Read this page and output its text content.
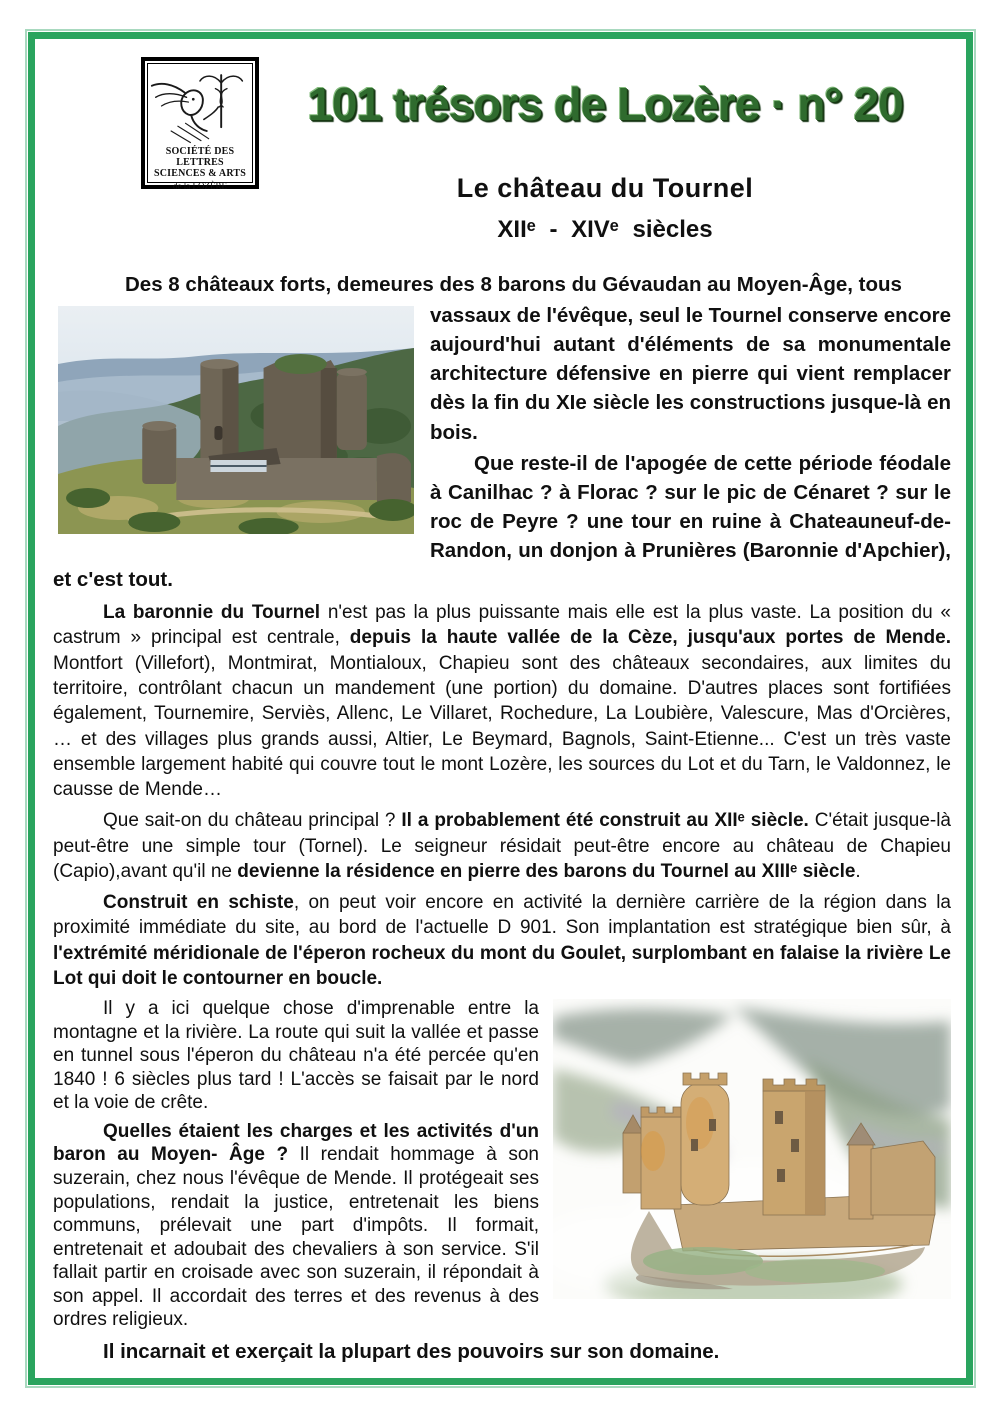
SOCIÉTÉ DES LETTRES
SCIENCES & ARTS
de la LOZÈRE
101 trésors de Lozère · n° 20
Le château du Tournel
XIIᵉ - XIVᵉ siècles

Des 8 châteaux forts, demeures des 8 barons du Gévaudan au Moyen-Âge, tous

vassaux de l'évêque, seul le Tournel conserve encore aujourd'hui autant d'éléments de sa monumentale architecture défensive en pierre qui vient remplacer dès la fin du XIe siècle les constructions jusque-là en bois.

Que reste-il de l'apogée de cette période féodale à Canilhac ? à Florac ? sur le pic de Cénaret ? sur le roc de Peyre ? une tour en ruine à Chateauneuf-de-Randon, un donjon à Prunières (Baronnie d'Apchier), et c'est tout.

La baronnie du Tournel n'est pas la plus puissante mais elle est la plus vaste. La position du « castrum » principal est centrale, depuis la haute vallée de la Cèze, jusqu'aux portes de Mende. Montfort (Villefort), Montmirat, Montialoux, Chapieu sont des châteaux secondaires, aux limites du territoire, contrôlant chacun un mandement (une portion) du domaine. D'autres places sont fortifiées également, Tournemire, Serviès, Allenc, Le Villaret, Rochedure, La Loubière, Valescure, Mas d'Orcières, … et des villages plus grands aussi, Altier, Le Beymard, Bagnols, Saint-Etienne... C'est un très vaste ensemble largement habité qui couvre tout le mont Lozère, les sources du Lot et du Tarn, le Valdonnez, le causse de Mende…

Que sait-on du château principal ? Il a probablement été construit au XIIᵉ siècle. C'était jusque-là peut-être une simple tour (Tornel). Le seigneur résidait peut-être encore au château de Chapieu (Capio),avant qu'il ne devienne la résidence en pierre des barons du Tournel au XIIIᵉ siècle.

Construit en schiste, on peut voir encore en activité la dernière carrière de la région dans la proximité immédiate du site, au bord de l'actuelle D 901. Son implantation est stratégique bien sûr, à l'extrémité méridionale de l'éperon rocheux du mont du Goulet, surplombant en falaise la rivière Le Lot qui doit le contourner en boucle.

Il y a ici quelque chose d'imprenable entre la montagne et la rivière. La route qui suit la vallée et passe en tunnel sous l'éperon du château n'a été percée qu'en 1840 ! 6 siècles plus tard ! L'accès se faisait par le nord et la voie de crête.

Quelles étaient les charges et les activités d'un baron au Moyen- Âge ? Il rendait hommage à son suzerain, chez nous l'évêque de Mende. Il protégeait ses populations, rendait la justice, entretenait les biens communs, prélevait une part d'impôts. Il formait, entretenait et adoubait des chevaliers à son service. S'il fallait partir en croisade avec son suzerain, il répondait à son appel. Il accordait des terres et des revenus à des ordres religieux.

Il incarnait et exerçait la plupart des pouvoirs sur son domaine.
